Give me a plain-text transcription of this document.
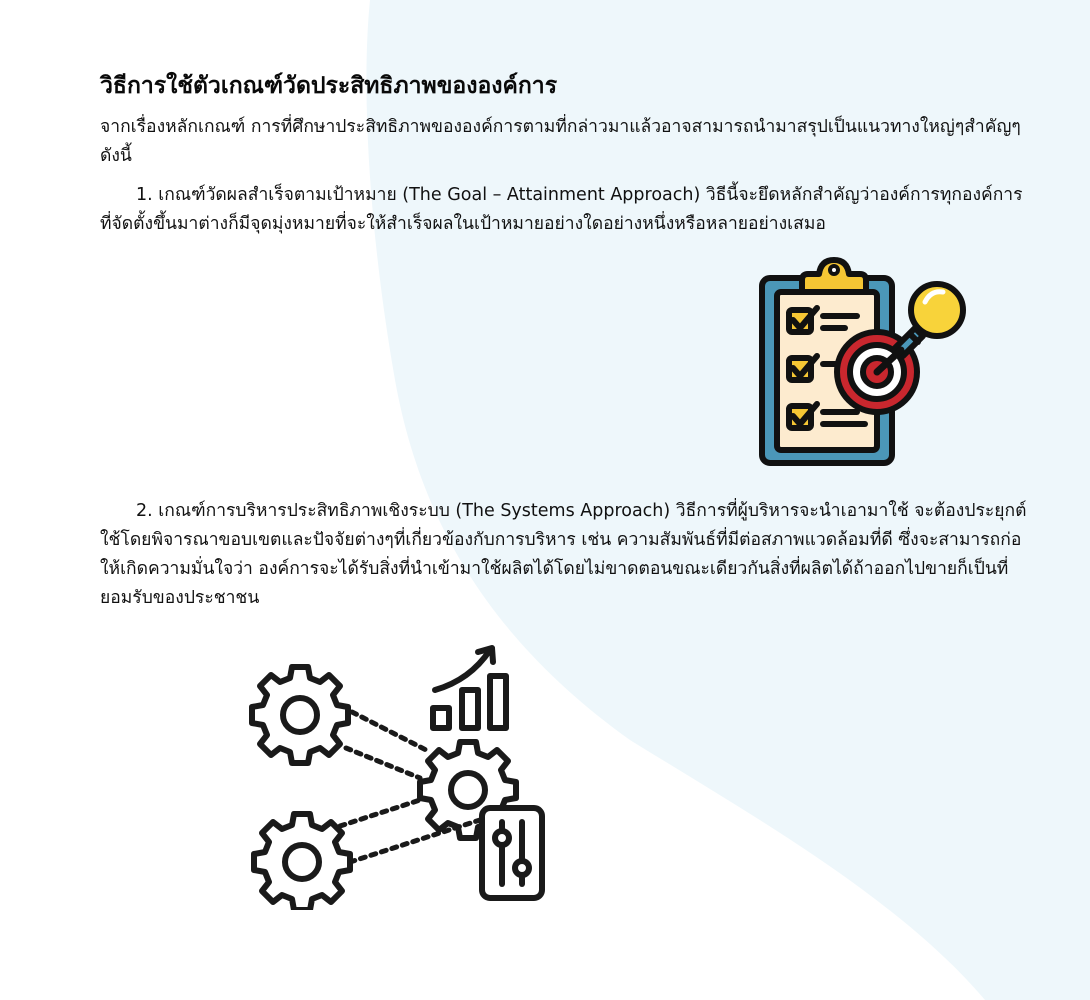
วิธีการใช้ตัวเกณฑ์วัดประสิทธิภาพขององค์การ

จากเรื่องหลักเกณฑ์ การที่ศึกษาประสิทธิภาพขององค์การตามที่กล่าวมาแล้วอาจสามารถนำมาสรุปเป็นแนวทางใหญ่ๆสำคัญๆ ดังนี้

1. เกณฑ์วัดผลสำเร็จตามเป้าหมาย (The Goal – Attainment Approach) วิธีนี้จะยึดหลักสำคัญว่าองค์การทุกองค์การที่จัดตั้งขึ้นมาต่างก็มีจุดมุ่งหมายที่จะให้สำเร็จผลในเป้าหมายอย่างใดอย่างหนึ่งหรือหลายอย่างเสมอ

2. เกณฑ์การบริหารประสิทธิภาพเชิงระบบ (The Systems Approach) วิธีการที่ผู้บริหารจะนำเอามาใช้ จะต้องประยุกต์ใช้โดยพิจารณาขอบเขตและปัจจัยต่างๆที่เกี่ยวข้องกับการบริหาร เช่น ความสัมพันธ์ที่มีต่อสภาพแวดล้อมที่ดี ซึ่งจะสามารถก่อให้เกิดความมั่นใจว่า องค์การจะได้รับสิ่งที่นำเข้ามาใช้ผลิตได้โดยไม่ขาดตอนขณะเดียวกันสิ่งที่ผลิตได้ถ้าออกไปขายก็เป็นที่ยอมรับของประชาชน
